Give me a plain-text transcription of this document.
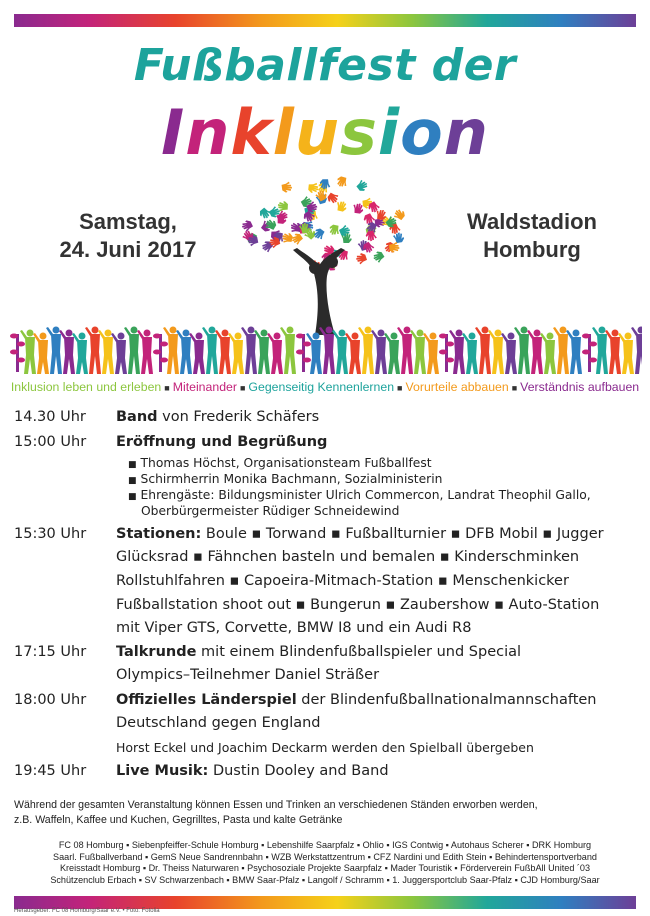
Fußballfest der
Inklusion
Samstag,
24. Juni 2017
Waldstadion
Homburg
Inklusion leben und erleben ■ Miteinander ■ Gegenseitig Kennenlernen ■ Vorurteile abbauen ■ Verständnis aufbauen
14.30 Uhr	Band von Frederik Schäfers
15:00 Uhr	Eröffnung und Begrüßung
■ Thomas Höchst, Organisationsteam Fußballfest
■ Schirmherrin Monika Bachmann, Sozialministerin
■ Ehrengäste: Bildungsminister Ulrich Commercon, Landrat Theophil Gallo,
Oberbürgermeister Rüdiger Schneidewind
15:30 Uhr	Stationen: Boule ▪ Torwand ▪ Fußballturnier ▪ DFB Mobil ▪ Jugger
Glücksrad ▪ Fähnchen basteln und bemalen ▪ Kinderschminken
Rollstuhlfahren ▪ Capoeira-Mitmach-Station ▪ Menschenkicker
Fußballstation shoot out ▪ Bungerun ▪ Zaubershow ▪ Auto-Station
mit Viper GTS, Corvette, BMW I8 und ein Audi R8
17:15 Uhr	Talkrunde mit einem Blindenfußballspieler und Special
Olympics–Teilnehmer Daniel Sträßer
18:00 Uhr	Offizielles Länderspiel der Blindenfußballnationalmannschaften
Deutschland gegen England
Horst Eckel und Joachim Deckarm werden den Spielball übergeben
19:45 Uhr	Live Musik: Dustin Dooley and Band
Während der gesamten Veranstaltung können Essen und Trinken an verschiedenen Ständen erworben werden,
z.B. Waffeln, Kaffee und Kuchen, Gegrilltes, Pasta und kalte Getränke
FC 08 Homburg ▪ Siebenpfeiffer-Schule Homburg ▪ Lebenshilfe Saarpfalz ▪ Ohlio ▪ IGS Contwig ▪ Autohaus Scherer ▪ DRK Homburg
Saarl. Fußballverband ▪ GemS Neue Sandrennbahn ▪ WZB Werkstattzentrum ▪ CFZ Nardini und Edith Stein ▪ Behindertensportverband
Kreisstadt Homburg ▪ Dr. Theiss Naturwaren ▪ Psychosoziale Projekte Saarpfalz ▪ Mader Touristik ▪ Förderverein FußbAll United ´03
Schützenclub Erbach ▪ SV Schwarzenbach ▪ BMW Saar-Pfalz ▪ Langolf / Schramm ▪ 1. Juggersportclub Saar-Pfalz ▪ CJD Homburg/Saar
Herausgeber: FC 08 Homburg/Saar e.V. • Foto: Fotolia
